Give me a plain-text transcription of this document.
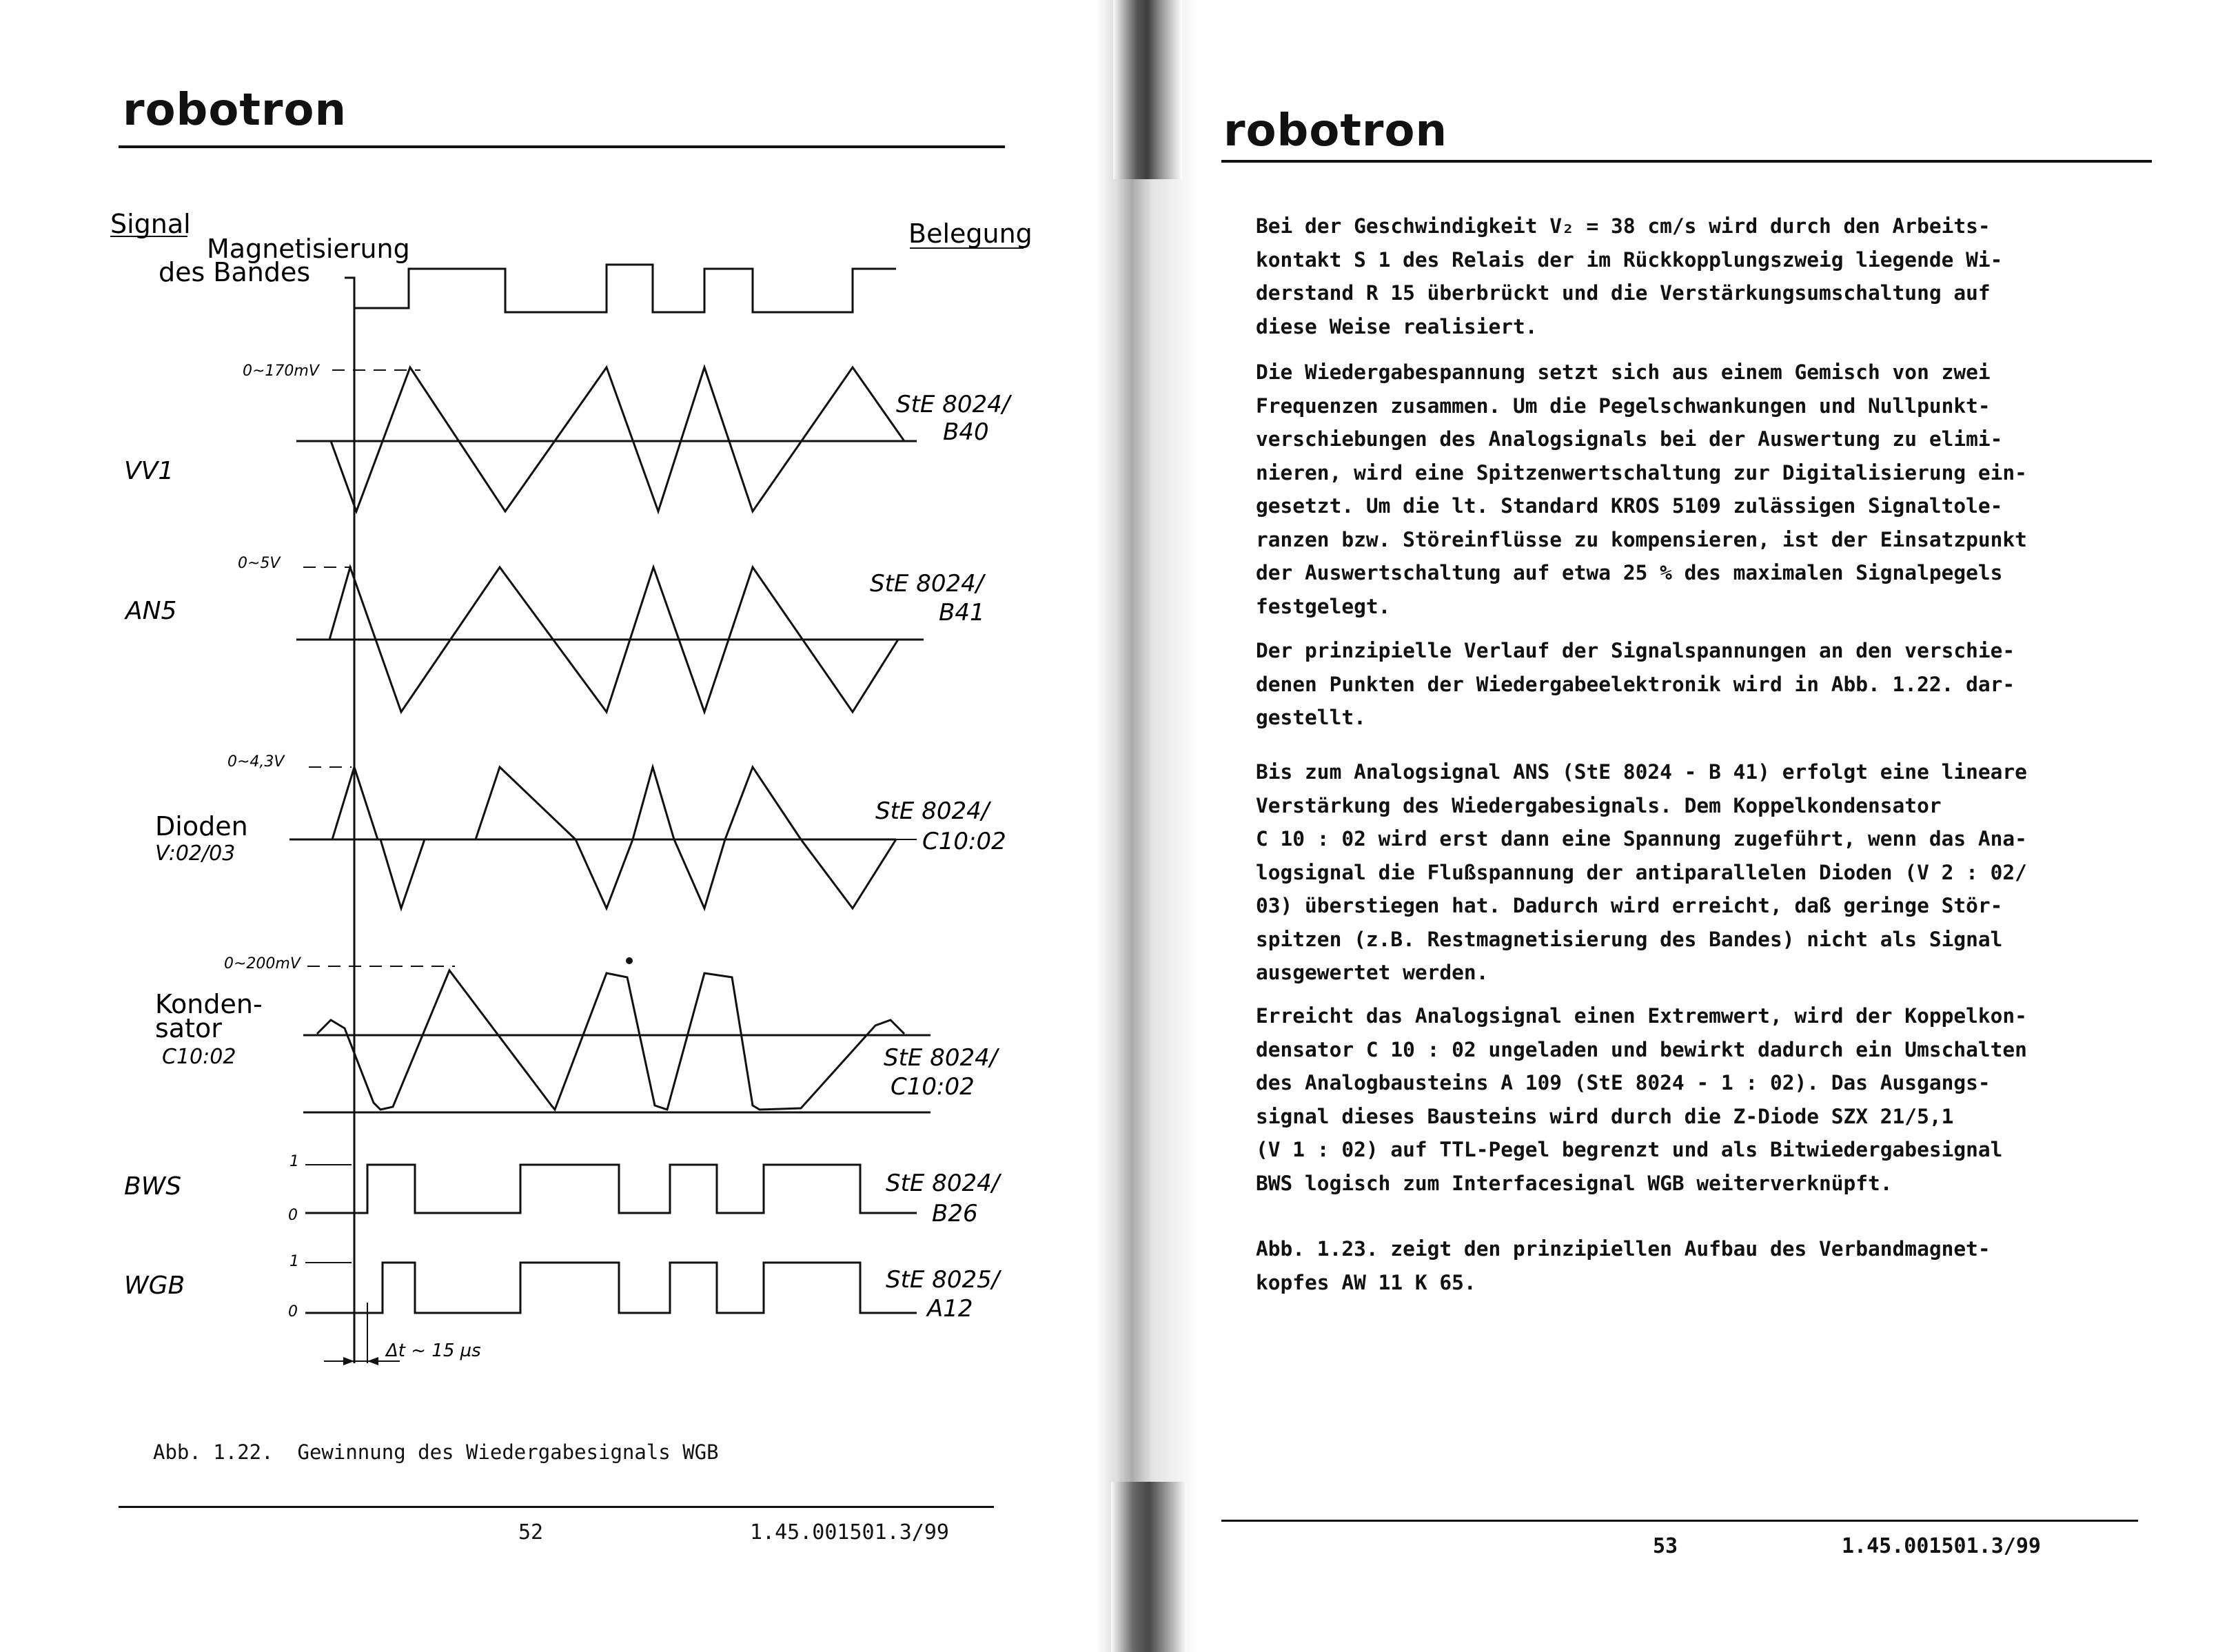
robotron
Signal
Magnetisierung
des Bandes
Belegung
VV1
AN5
Dioden
V:02/03
Konden-
sator
C10:02
BWS
WGB
0~170mV
0~5V
0~4,3V
0~200mV
1
0
1
0
StE 8024/
B40
StE 8024/
B41
StE 8024/
C10:02
StE 8024/
C10:02
StE 8024/
B26
StE 8025/
A12
Δt ~ 15 µs
Abb. 1.22.  Gewinnung des Wiedergabesignals WGB
52	1.45.001501.3/99
robotron

Bei der Geschwindigkeit V₂ = 38 cm/s wird durch den Arbeits-
kontakt S 1 des Relais der im Rückkopplungszweig liegende Wi-
derstand R 15 überbrückt und die Verstärkungsumschaltung auf
diese Weise realisiert.

Die Wiedergabespannung setzt sich aus einem Gemisch von zwei
Frequenzen zusammen. Um die Pegelschwankungen und Nullpunkt-
verschiebungen des Analogsignals bei der Auswertung zu elimi-
nieren, wird eine Spitzenwertschaltung zur Digitalisierung ein-
gesetzt. Um die lt. Standard KROS 5109 zulässigen Signaltole-
ranzen bzw. Störeinflüsse zu kompensieren, ist der Einsatzpunkt
der Auswertschaltung auf etwa 25 % des maximalen Signalpegels
festgelegt.

Der prinzipielle Verlauf der Signalspannungen an den verschie-
denen Punkten der Wiedergabeelektronik wird in Abb. 1.22. dar-
gestellt.

Bis zum Analogsignal ANS (StE 8024 - B 41) erfolgt eine lineare
Verstärkung des Wiedergabesignals. Dem Koppelkondensator
C 10 : 02 wird erst dann eine Spannung zugeführt, wenn das Ana-
logsignal die Flußspannung der antiparallelen Dioden (V 2 : 02/
03) überstiegen hat. Dadurch wird erreicht, daß geringe Stör-
spitzen (z.B. Restmagnetisierung des Bandes) nicht als Signal
ausgewertet werden.

Erreicht das Analogsignal einen Extremwert, wird der Koppelkon-
densator C 10 : 02 ungeladen und bewirkt dadurch ein Umschalten
des Analogbausteins A 109 (StE 8024 - 1 : 02). Das Ausgangs-
signal dieses Bausteins wird durch die Z-Diode SZX 21/5,1
(V 1 : 02) auf TTL-Pegel begrenzt und als Bitwiedergabesignal
BWS logisch zum Interfacesignal WGB weiterverknüpft.

Abb. 1.23. zeigt den prinzipiellen Aufbau des Verbandmagnet-
kopfes AW 11 K 65.

53	1.45.001501.3/99
